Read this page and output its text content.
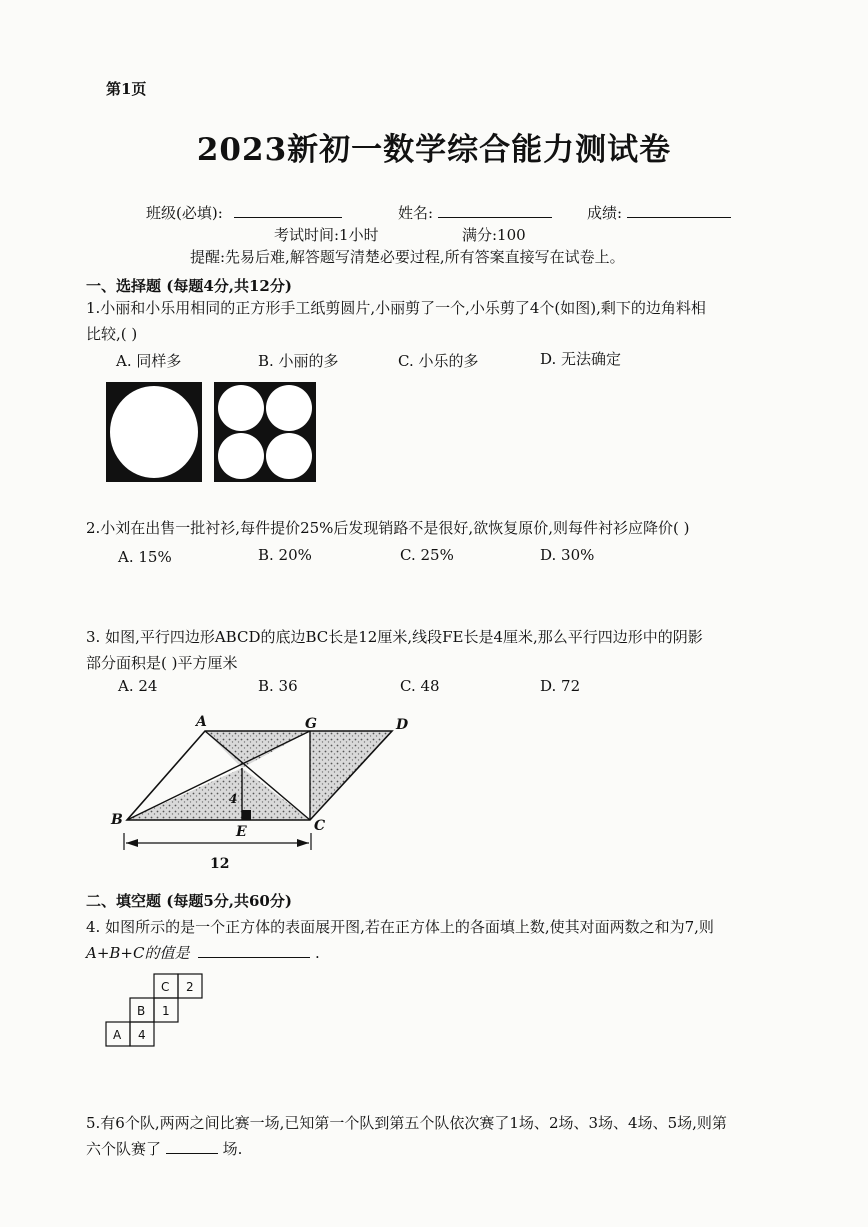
第1页
2023新初一数学综合能力测试卷
班级(必填):	姓名:	成绩:
考试时间:1小时	满分:100
提醒:先易后难,解答题写清楚必要过程,所有答案直接写在试卷上。
一、选择题 (每题4分,共12分)
1.小丽和小乐用相同的正方形手工纸剪圆片,小丽剪了一个,小乐剪了4个(如图),剩下的边角料相
比较,( )
A. 同样多	B. 小丽的多	C. 小乐的多	D. 无法确定
2.小刘在出售一批衬衫,每件提价25%后发现销路不是很好,欲恢复原价,则每件衬衫应降价( )
A. 15%	B. 20%	C. 25%	D. 30%
3. 如图,平行四边形ABCD的底边BC长是12厘米,线段FE长是4厘米,那么平行四边形中的阴影
部分面积是( )平方厘米
A. 24	B. 36	C. 48	D. 72
A	G	D
B
E	C
4
12
二、填空题 (每题5分,共60分)
4. 如图所示的是一个正方体的表面展开图,若在正方体上的各面填上数,使其对面两数之和为7,则
A+B+C的值是	.
C 2
B 1
A 4
5.有6个队,两两之间比赛一场,已知第一个队到第五个队依次赛了1场、2场、3场、4场、5场,则第
六个队赛了	场.
